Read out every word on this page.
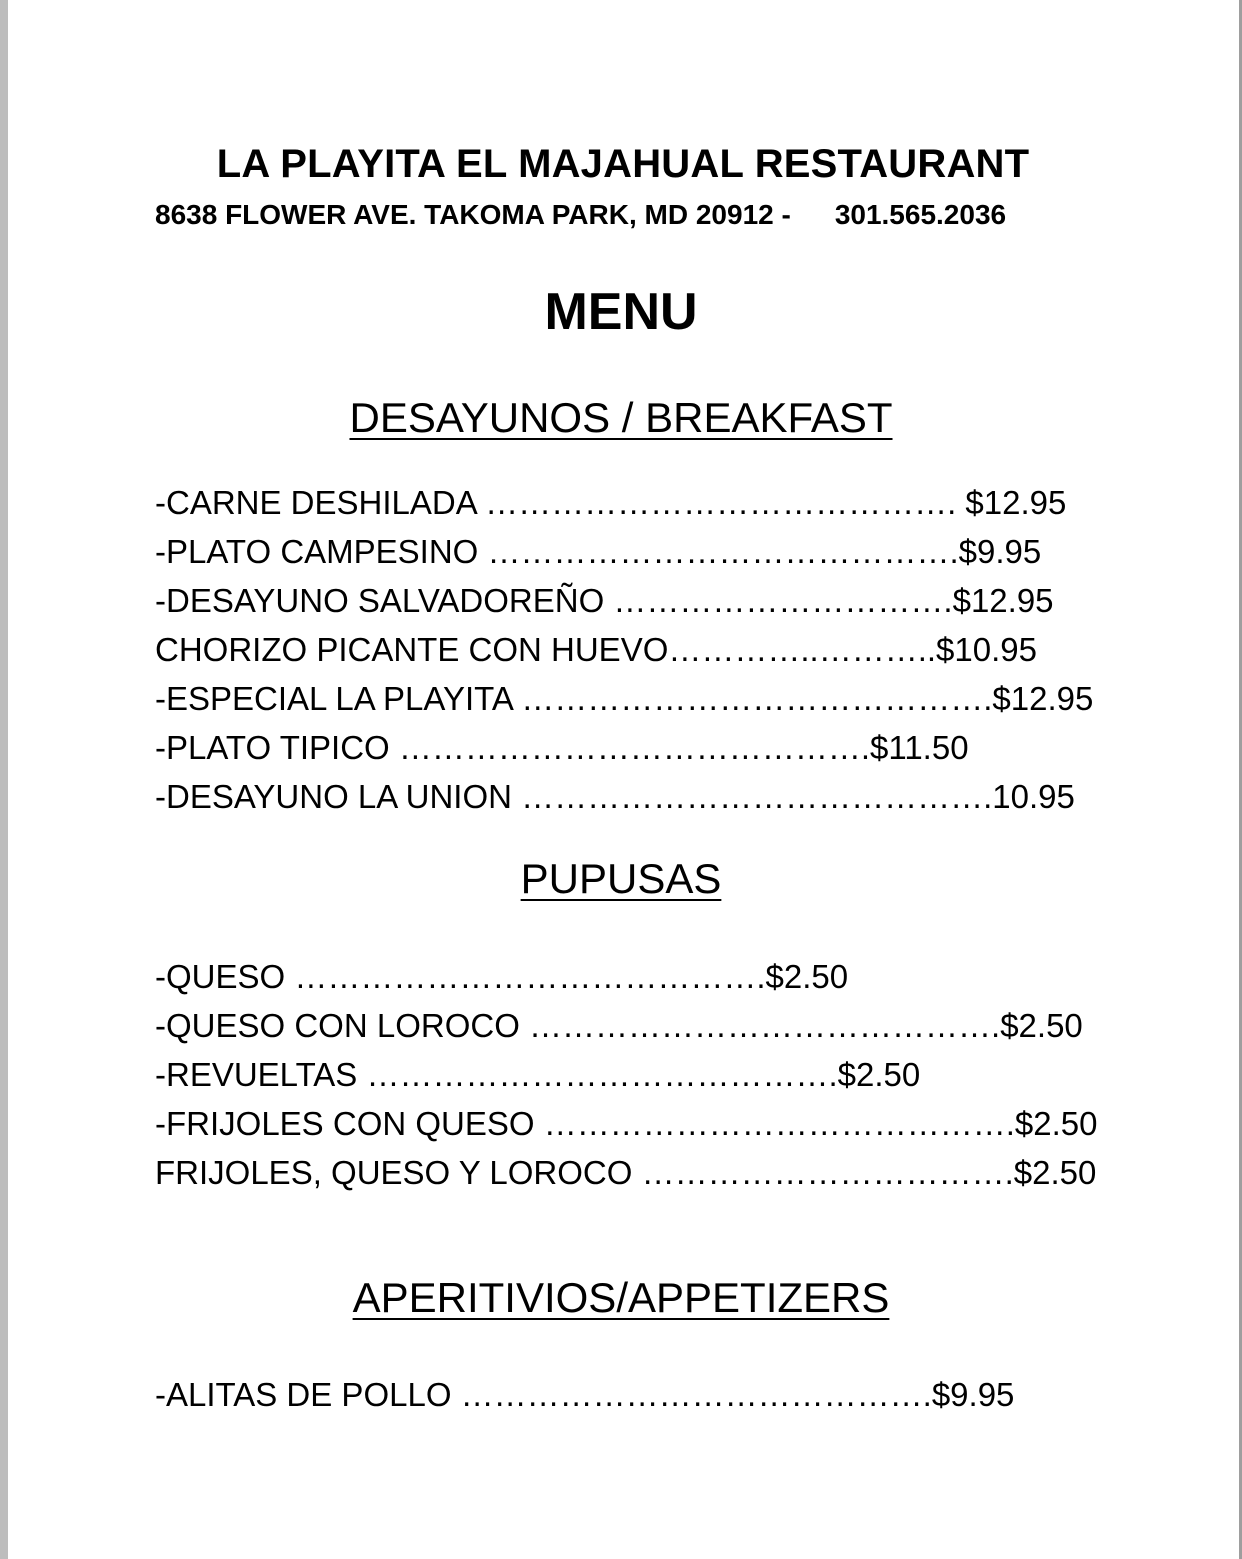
LA PLAYITA EL MAJAHUAL RESTAURANT
8638 FLOWER AVE. TAKOMA PARK, MD 20912 - 301.565.2036
MENU
DESAYUNOS / BREAKFAST
-CARNE DESHILADA ……………………………………. $12.95
-PLATO CAMPESINO …………………………………….$9.95
-DESAYUNO SALVADOREÑO ………………………….$12.95
CHORIZO PICANTE CON HUEVO…………..………..$10.95
-ESPECIAL LA PLAYITA …………………………………….$12.95
-PLATO TIPICO …………………………………….$11.50
-DESAYUNO LA UNION …………………………………….10.95
PUPUSAS
-QUESO …………………………………….$2.50
-QUESO CON LOROCO …………………………………….$2.50
-REVUELTAS …………………………………….$2.50
-FRIJOLES CON QUESO …………………………………….$2.50
FRIJOLES, QUESO Y LOROCO …………………………….$2.50
APERITIVIOS/APPETIZERS
-ALITAS DE POLLO …………………………………….$9.95
